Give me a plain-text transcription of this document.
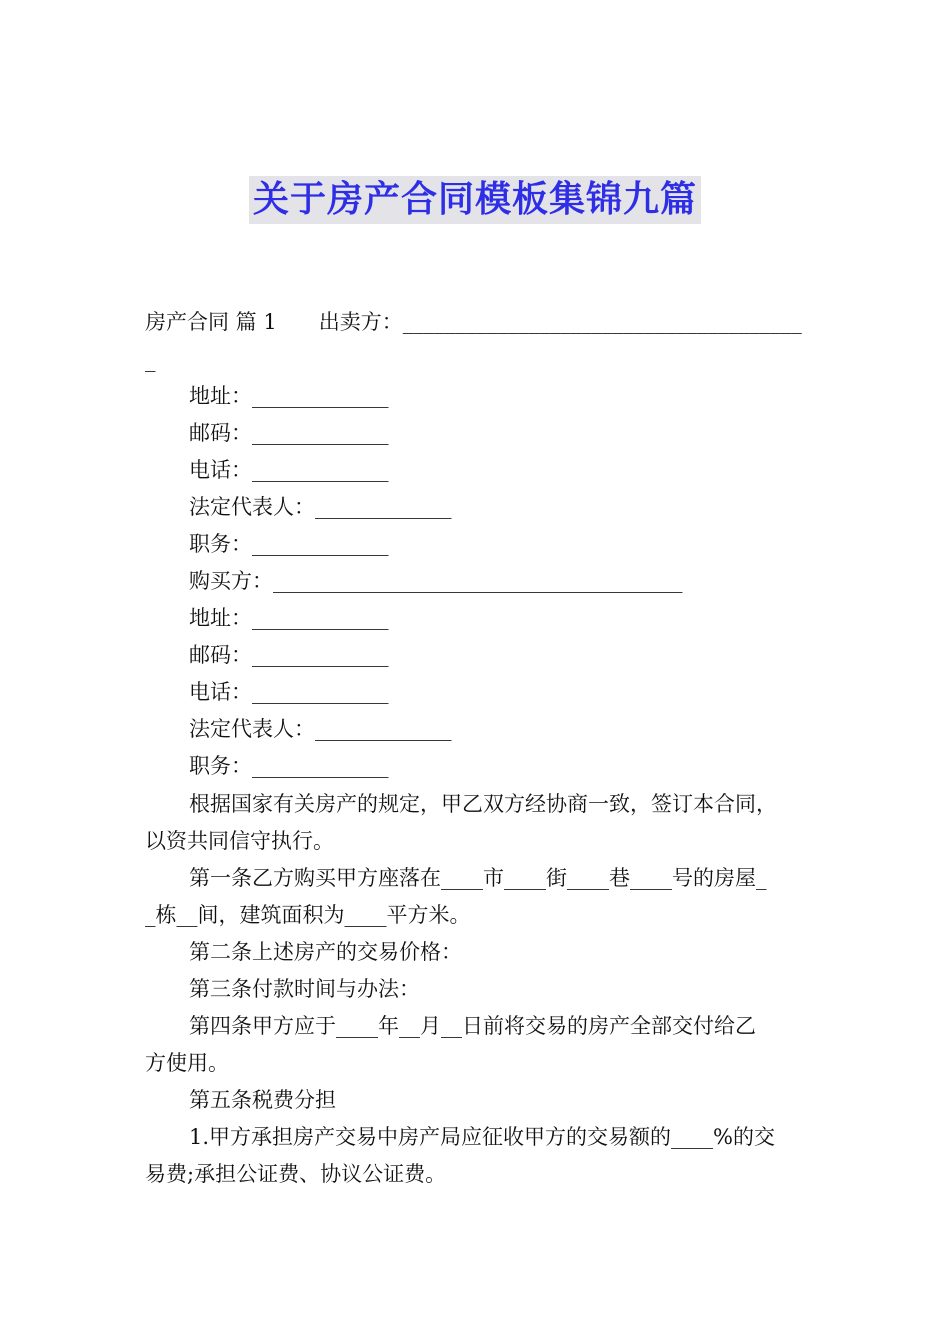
关于房产合同模板集锦九篇
房产合同 篇 1　　出卖方：______________________________________
_
地址：_____________
邮码：_____________
电话：_____________
法定代表人：_____________
职务：_____________
购买方：_______________________________________
地址：_____________
邮码：_____________
电话：_____________
法定代表人：_____________
职务：_____________
根据国家有关房产的规定，甲乙双方经协商一致，签订本合同，
以资共同信守执行。
第一条乙方购买甲方座落在____市____街____巷____号的房屋_
_栋__间，建筑面积为____平方米。
第二条上述房产的交易价格：
第三条付款时间与办法：
第四条甲方应于____年__月__日前将交易的房产全部交付给乙
方使用。
第五条税费分担
1.甲方承担房产交易中房产局应征收甲方的交易额的____%的交
易费;承担公证费、协议公证费。
